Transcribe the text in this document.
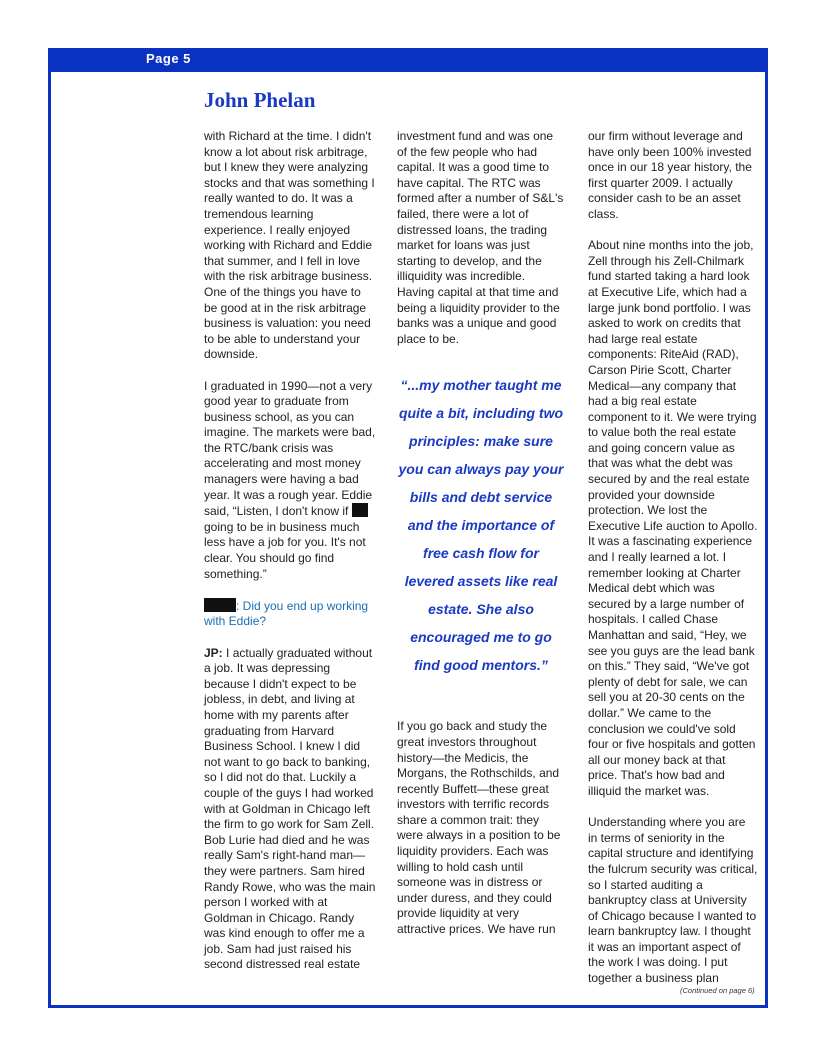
Page 5
John Phelan

with Richard at the time. I didn't know a lot about risk arbitrage, but I knew they were analyzing stocks and that was something I really wanted to do. It was a tremendous learning experience. I really enjoyed working with Richard and Eddie that summer, and I fell in love with the risk arbitrage business. One of the things you have to be good at in the risk arbitrage business is valuation: you need to be able to understand your downside.

I graduated in 1990—not a very good year to graduate from business school, as you can imagine. The markets were bad, the RTC/bank crisis was accelerating and most money managers were having a bad year. It was a rough year. Eddie said, “Listen, I don't know if  going to be in business much less have a job for you. It's not clear. You should go find something.”

: Did you end up working with Eddie?

JP: I actually graduated without a job. It was depressing because I didn't expect to be jobless, in debt, and living at home with my parents after graduating from Harvard Business School. I knew I did not want to go back to banking, so I did not do that. Luckily a couple of the guys I had worked with at Goldman in Chicago left the firm to go work for Sam Zell. Bob Lurie had died and he was really Sam's right-hand man—they were partners. Sam hired Randy Rowe, who was the main person I worked with at Goldman in Chicago. Randy was kind enough to offer me a job. Sam had just raised his second distressed real estate

investment fund and was one of the few people who had capital. It was a good time to have capital. The RTC was formed after a number of S&L's failed, there were a lot of distressed loans, the trading market for loans was just starting to develop, and the illiquidity was incredible. Having capital at that time and being a liquidity provider to the banks was a unique and good place to be.

“...my mother taught me quite a bit, including two principles: make sure you can always pay your bills and debt service and the importance of free cash flow for levered assets like real estate. She also encouraged me to go find good mentors.”

If you go back and study the great investors throughout history—the Medicis, the Morgans, the Rothschilds, and recently Buffett—these great investors with terrific records share a common trait: they were always in a position to be liquidity providers. Each was willing to hold cash until someone was in distress or under duress, and they could provide liquidity at very attractive prices. We have run

our firm without leverage and have only been 100% invested once in our 18 year history, the first quarter 2009. I actually consider cash to be an asset class.

About nine months into the job, Zell through his Zell-Chilmark fund started taking a hard look at Executive Life, which had a large junk bond portfolio. I was asked to work on credits that had large real estate components: RiteAid (RAD), Carson Pirie Scott, Charter Medical—any company that had a big real estate component to it. We were trying to value both the real estate and going concern value as that was what the debt was secured by and the real estate provided your downside protection. We lost the Executive Life auction to Apollo. It was a fascinating experience and I really learned a lot. I remember looking at Charter Medical debt which was secured by a large number of hospitals. I called Chase Manhattan and said, “Hey, we see you guys are the lead bank on this.” They said, “We've got plenty of debt for sale, we can sell you at 20-30 cents on the dollar.” We came to the conclusion we could've sold four or five hospitals and gotten all our money back at that price. That's how bad and illiquid the market was.

Understanding where you are in terms of seniority in the capital structure and identifying the fulcrum security was critical, so I started auditing a bankruptcy class at University of Chicago because I wanted to learn bankruptcy law. I thought it was an important aspect of the work I was doing. I put together a business plan

(Continued on page 6)
